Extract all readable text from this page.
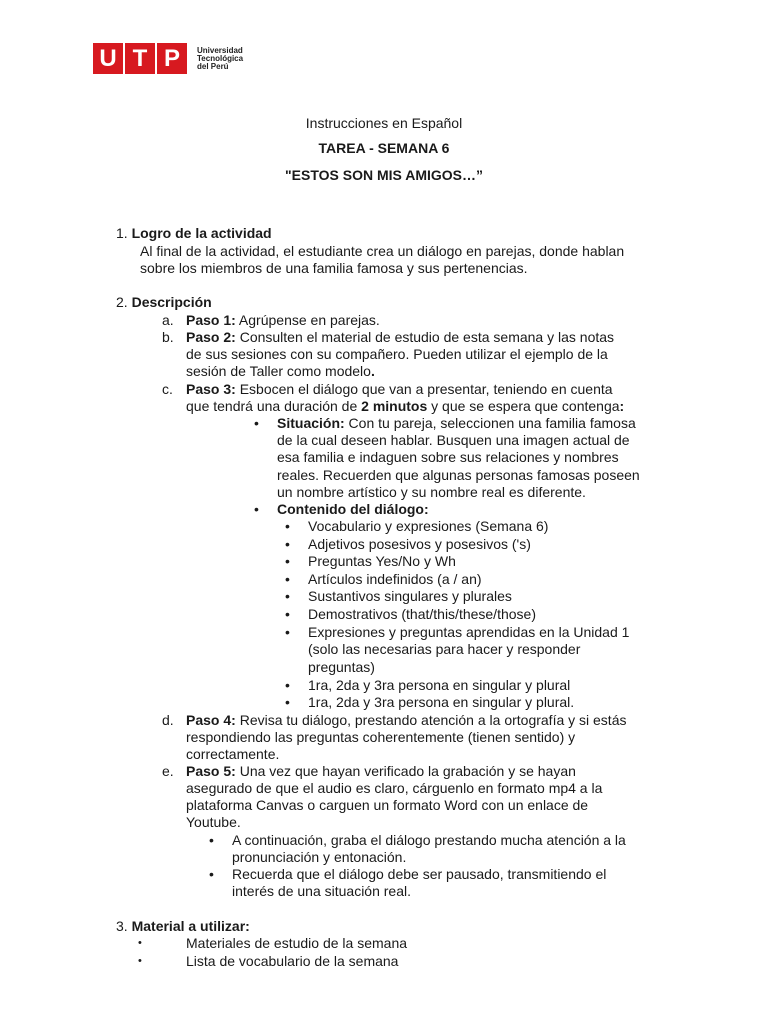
U T P	Universidad
Tecnológica
del Perú
Instrucciones en Español
TAREA - SEMANA 6
"ESTOS SON MIS AMIGOS…”
1. Logro de la actividad
Al final de la actividad, el estudiante crea un diálogo en parejas, donde hablan
sobre los miembros de una familia famosa y sus pertenencias.
2. Descripción
a. Paso 1: Agrúpense en parejas.
b. Paso 2: Consulten el material de estudio de esta semana y las notas
de sus sesiones con su compañero. Pueden utilizar el ejemplo de la
sesión de Taller como modelo.
c. Paso 3: Esbocen el diálogo que van a presentar, teniendo en cuenta
que tendrá una duración de 2 minutos y que se espera que contenga:
• Situación: Con tu pareja, seleccionen una familia famosa
de la cual deseen hablar. Busquen una imagen actual de
esa familia e indaguen sobre sus relaciones y nombres
reales. Recuerden que algunas personas famosas poseen
un nombre artístico y su nombre real es diferente.
• Contenido del diálogo:
• Vocabulario y expresiones (Semana 6)
• Adjetivos posesivos y posesivos ('s)
• Preguntas Yes/No y Wh
• Artículos indefinidos (a / an)
• Sustantivos singulares y plurales
• Demostrativos (that/this/these/those)
• Expresiones y preguntas aprendidas en la Unidad 1
(solo las necesarias para hacer y responder
preguntas)
• 1ra, 2da y 3ra persona en singular y plural
• 1ra, 2da y 3ra persona en singular y plural.
d. Paso 4: Revisa tu diálogo, prestando atención a la ortografía y si estás
respondiendo las preguntas coherentemente (tienen sentido) y
correctamente.
e. Paso 5: Una vez que hayan verificado la grabación y se hayan
asegurado de que el audio es claro, cárguenlo en formato mp4 a la
plataforma Canvas o carguen un formato Word con un enlace de
Youtube.
• A continuación, graba el diálogo prestando mucha atención a la
pronunciación y entonación.
• Recuerda que el diálogo debe ser pausado, transmitiendo el
interés de una situación real.
3. Material a utilizar:
•	Materiales de estudio de la semana
•	Lista de vocabulario de la semana
